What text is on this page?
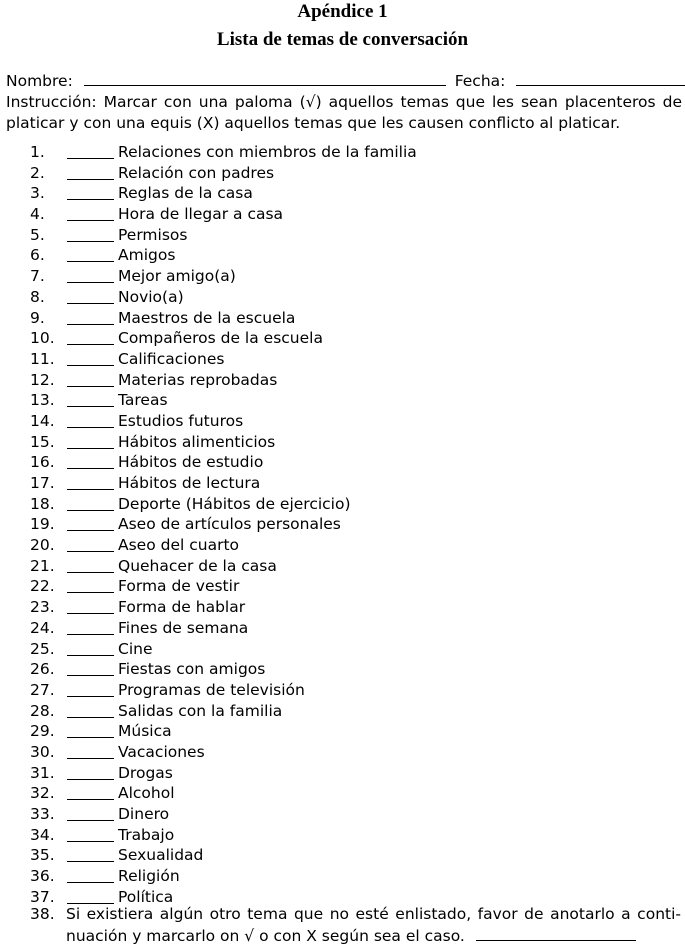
Apéndice 1
Lista de temas de conversación
Nombre:	Fecha:
Instrucción: Marcar con una paloma (√) aquellos temas que les sean placenteros de
platicar y con una equis (X) aquellos temas que les causen conflicto al platicar.
1.	Relaciones con miembros de la familia
2.	Relación con padres
3.	Reglas de la casa
4.	Hora de llegar a casa
5.	Permisos
6.	Amigos
7.	Mejor amigo(a)
8.	Novio(a)
9.	Maestros de la escuela
10.	Compañeros de la escuela
11.	Calificaciones
12.	Materias reprobadas
13.	Tareas
14.	Estudios futuros
15.	Hábitos alimenticios
16.	Hábitos de estudio
17.	Hábitos de lectura
18.	Deporte (Hábitos de ejercicio)
19.	Aseo de artículos personales
20.	Aseo del cuarto
21.	Quehacer de la casa
22.	Forma de vestir
23.	Forma de hablar
24.	Fines de semana
25.	Cine
26.	Fiestas con amigos
27.	Programas de televisión
28.	Salidas con la familia
29.	Música
30.	Vacaciones
31.	Drogas
32.	Alcohol
33.	Dinero
34.	Trabajo
35.	Sexualidad
36.	Religión
37.	Política
38. Si existiera algún otro tema que no esté enlistado, favor de anotarlo a conti-
nuación y marcarlo on √ o con X según sea el caso.
